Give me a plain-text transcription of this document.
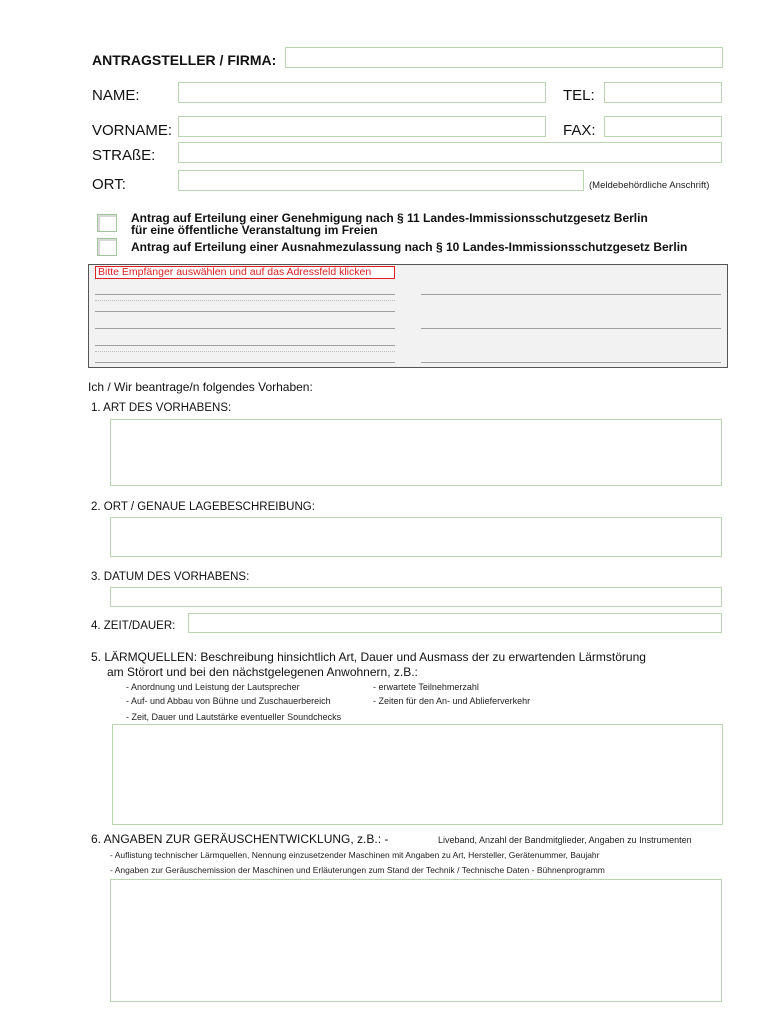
ANTRAGSTELLER / FIRMA:
NAME:	TEL:
VORNAME:	FAX:
STRAßE:
ORT:	(Meldebehördliche Anschrift)
Antrag auf Erteilung einer Genehmigung nach § 11 Landes-Immissionsschutzgesetz Berlin
für eine öffentliche Veranstaltung im Freien
Antrag auf Erteilung einer Ausnahmezulassung nach § 10 Landes-Immissionsschutzgesetz Berlin
Bitte Empfänger auswählen und auf das Adressfeld klicken
Ich / Wir beantrage/n folgendes Vorhaben:
1. ART DES VORHABENS:
2. ORT / GENAUE LAGEBESCHREIBUNG:
3. DATUM DES VORHABENS:
4. ZEIT/DAUER:
5. LÄRMQUELLEN: Beschreibung hinsichtlich Art, Dauer und Ausmass der zu erwartenden Lärmstörung
am Störort und bei den nächstgelegenen Anwohnern, z.B.:
- Anordnung und Leistung der Lautsprecher	- erwartete Teilnehmerzahl
- Auf- und Abbau von Bühne und Zuschauerbereich	- Zeiten für den An- und Ablieferverkehr
- Zeit, Dauer und Lautstärke eventueller Soundchecks
6. ANGABEN ZUR GERÄUSCHENTWICKLUNG, z.B.: -	Liveband, Anzahl der Bandmitglieder, Angaben zu Instrumenten
- Auflistung technischer Lärmquellen, Nennung einzusetzender Maschinen mit Angaben zu Art, Hersteller, Gerätenummer, Baujahr
- Angaben zur Geräuschemission der Maschinen und Erläuterungen zum Stand der Technik / Technische Daten - Bühnenprogramm
